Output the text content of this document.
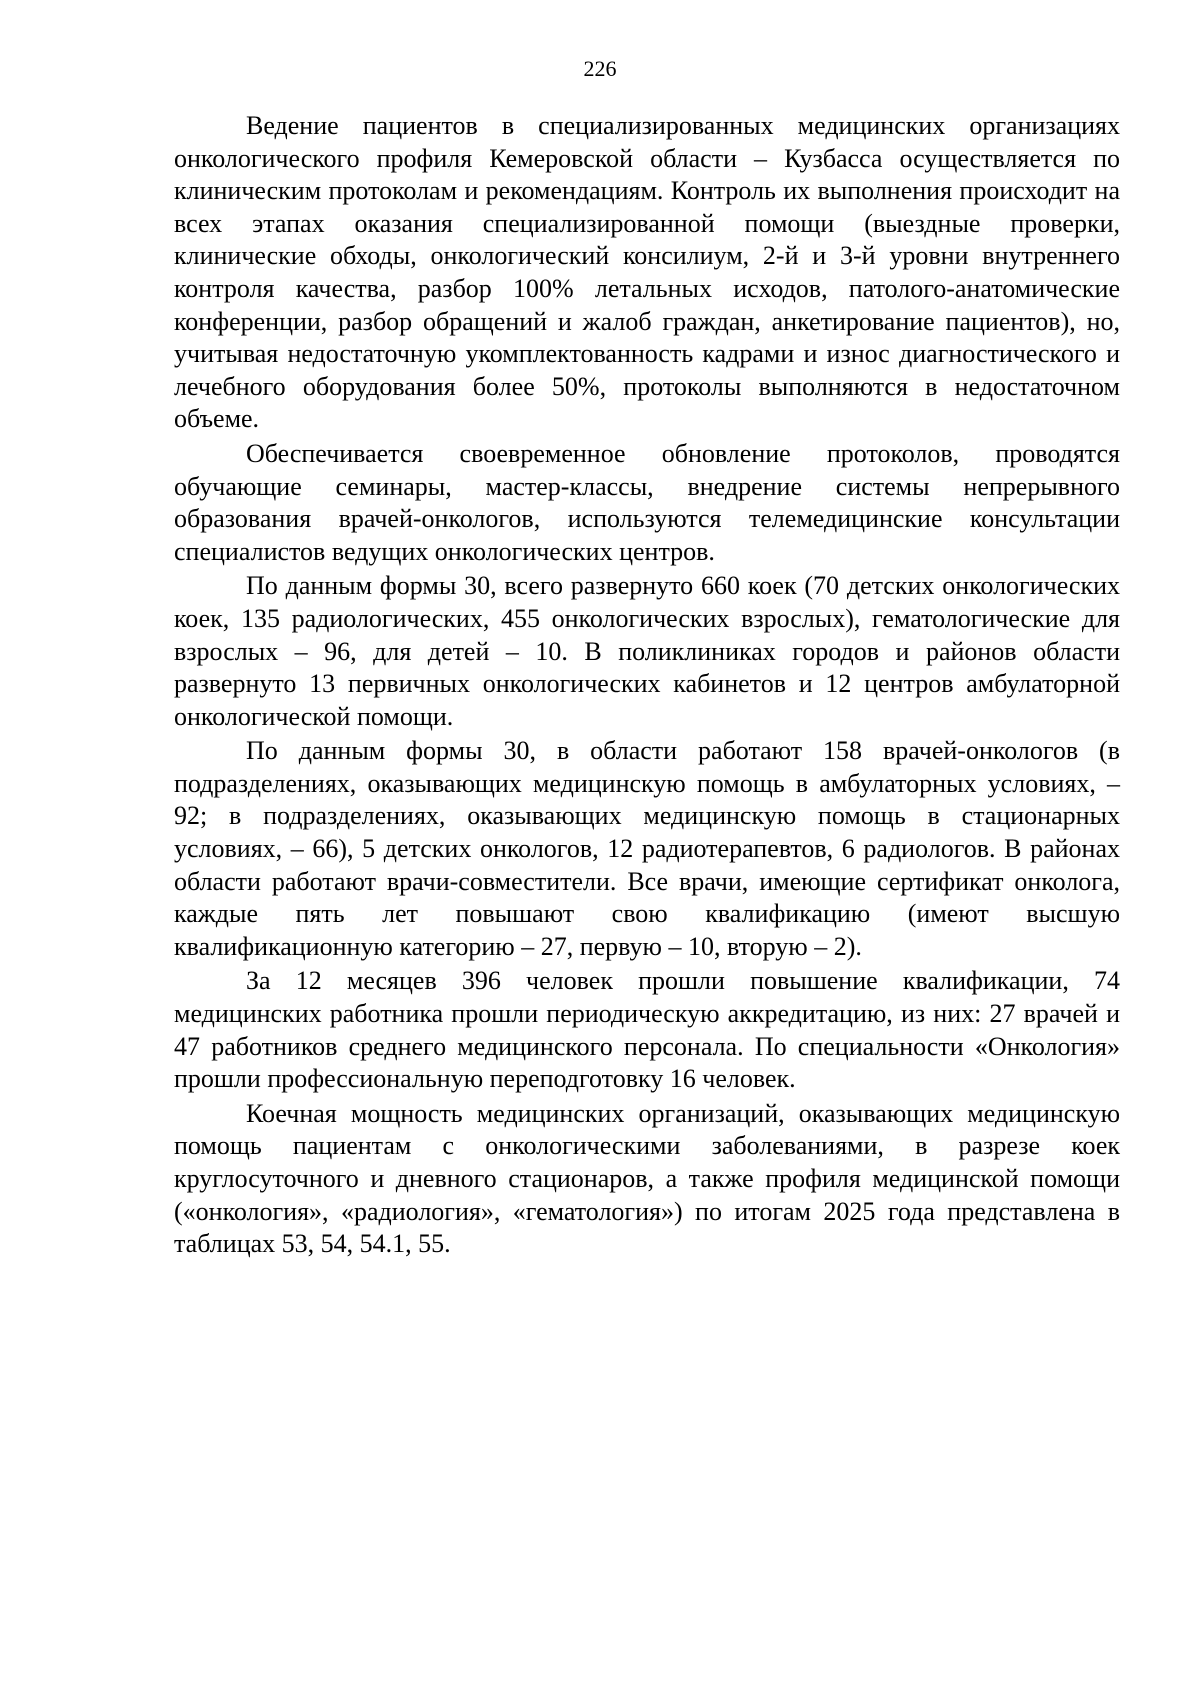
226

Ведение пациентов в специализированных медицинских организациях онкологического профиля Кемеровской области – Кузбасса осуществляется по клиническим протоколам и рекомендациям. Контроль их выполнения происходит на всех этапах оказания специализированной помощи (выездные проверки, клинические обходы, онкологический консилиум, 2-й и 3-й уровни внутреннего контроля качества, разбор 100% летальных исходов, патолого-анатомические конференции, разбор обращений и жалоб граждан, анкетирование пациентов), но, учитывая недостаточную укомплектованность кадрами и износ диагностического и лечебного оборудования более 50%, протоколы выполняются в недостаточном объеме.

Обеспечивается своевременное обновление протоколов, проводятся обучающие семинары, мастер-классы, внедрение системы непрерывного образования врачей-онкологов, используются телемедицинские консультации специалистов ведущих онкологических центров.

По данным формы 30, всего развернуто 660 коек (70 детских онкологических коек, 135 радиологических, 455 онкологических взрослых), гематологические для взрослых – 96, для детей – 10. В поликлиниках городов и районов области развернуто 13 первичных онкологических кабинетов и 12 центров амбулаторной онкологической помощи.

По данным формы 30, в области работают 158 врачей-онкологов (в подразделениях, оказывающих медицинскую помощь в амбулаторных условиях, – 92; в подразделениях, оказывающих медицинскую помощь в стационарных условиях, – 66), 5 детских онкологов, 12 радиотерапевтов, 6 радиологов. В районах области работают врачи-совместители. Все врачи, имеющие сертификат онколога, каждые пять лет повышают свою квалификацию (имеют высшую квалификационную категорию – 27, первую – 10, вторую – 2).

За 12 месяцев 396 человек прошли повышение квалификации, 74 медицинских работника прошли периодическую аккредитацию, из них: 27 врачей и 47 работников среднего медицинского персонала. По специальности «Онкология» прошли профессиональную переподготовку 16 человек.

Коечная мощность медицинских организаций, оказывающих медицинскую помощь пациентам с онкологическими заболеваниями, в разрезе коек круглосуточного и дневного стационаров, а также профиля медицинской помощи («онкология», «радиология», «гематология») по итогам 2025 года представлена в таблицах 53, 54, 54.1, 55.
